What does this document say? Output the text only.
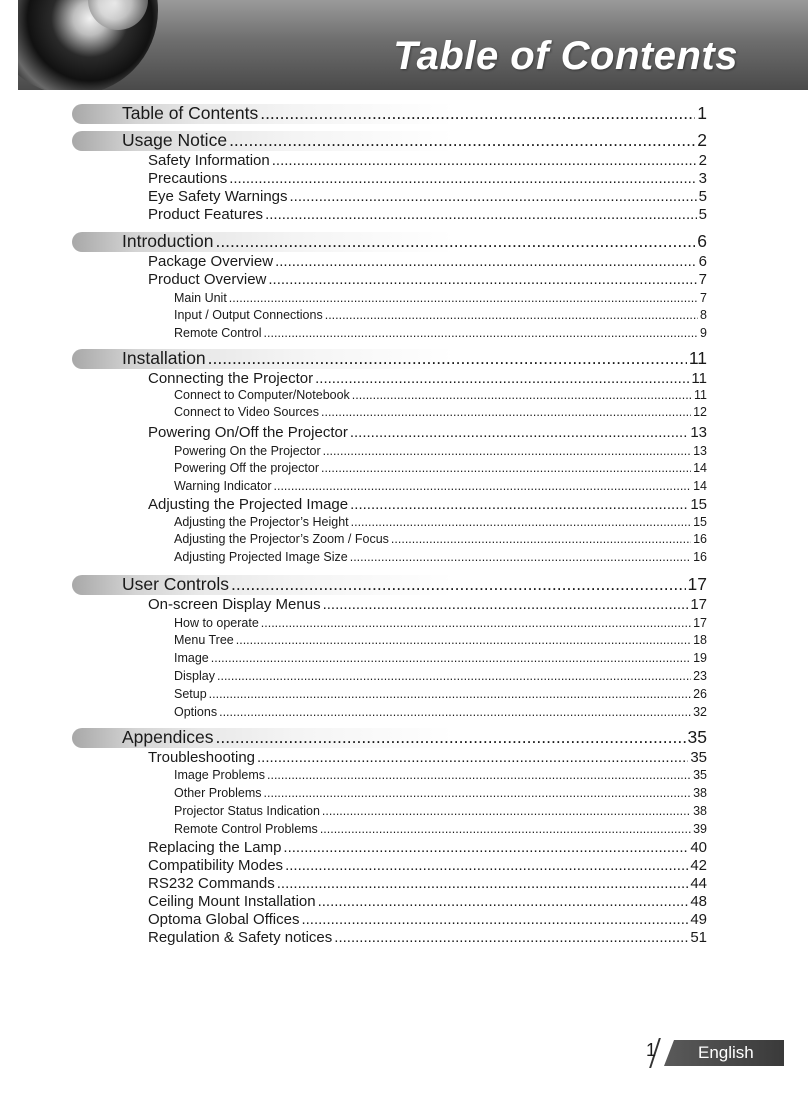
Table of Contents
1 English
Table of Contents .....	1
Usage Notice .....	2
Safety Information .....	2
Precautions .....	3
Eye Safety Warnings .....	5
Product Features .....	5
Introduction .....	6
Package Overview .....	6
Product Overview .....	7
Main Unit .....	7
Input / Output Connections .....	8
Remote Control .....	9
Installation .....	11
Connecting the Projector .....	11
Connect to Computer/Notebook .....	11
Connect to Video Sources .....	12
Powering On/Off the Projector .....	13
Powering On the Projector .....	13
Powering Off the projector .....	14
Warning Indicator .....	14
Adjusting the Projected Image .....	15
Adjusting the Projector’s Height .....	15
Adjusting the Projector’s Zoom / Focus .....	16
Adjusting Projected Image Size .....	16
User Controls .....	17
On-screen Display Menus .....	17
How to operate .....	17
Menu Tree .....	18
Image .....	19
Display .....	23
Setup .....	26
Options .....	32
Appendices .....	35
Troubleshooting .....	35
Image Problems .....	35
Other Problems .....	38
Projector Status Indication .....	38
Remote Control Problems .....	39
Replacing the Lamp .....	40
Compatibility Modes .....	42
RS232 Commands .....	44
Ceiling Mount Installation .....	48
Optoma Global Offices .....	49
Regulation & Safety notices .....	51
